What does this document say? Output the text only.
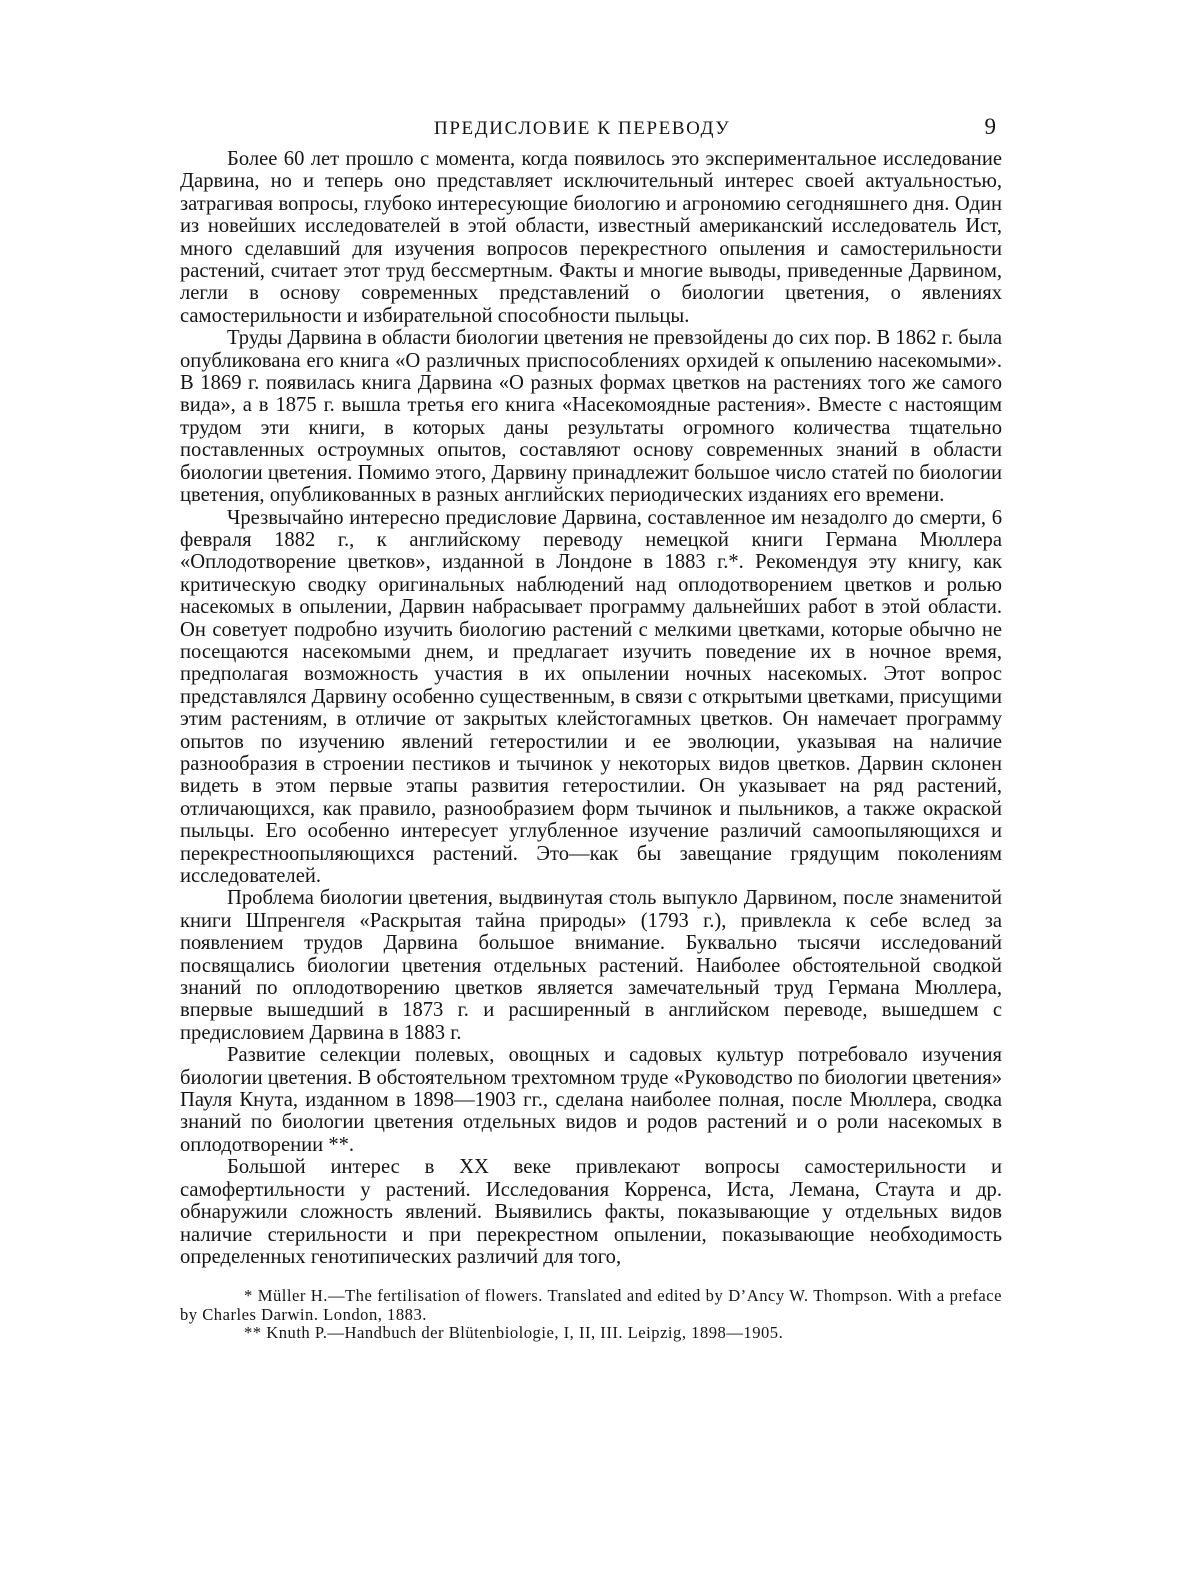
ПРЕДИСЛОВИЕ К ПЕРЕВОДУ	9

Более 60 лет прошло с момента, когда появилось это экспериментальное исследование Дарвина, но и теперь оно представляет исключительный интерес своей актуальностью, затрагивая вопросы, глубоко интересующие биологию и агрономию сегодняшнего дня. Один из новейших исследователей в этой области, известный американский исследователь Ист, много сделавший для изучения вопросов перекрестного опыления и самостерильности растений, считает этот труд бессмертным. Факты и многие выводы, приведенные Дарвином, легли в основу современных представлений о биологии цветения, о явлениях самостерильности и избирательной способности пыльцы.

Труды Дарвина в области биологии цветения не превзойдены до сих пор. В 1862 г. была опубликована его книга «О различных приспособлениях орхидей к опылению насекомыми». В 1869 г. появилась книга Дарвина «О разных формах цветков на растениях того же самого вида», а в 1875 г. вышла третья его книга «Насекомоядные растения». Вместе с настоящим трудом эти книги, в которых даны результаты огромного количества тщательно поставленных остроумных опытов, составляют основу современных знаний в области биологии цветения. Помимо этого, Дарвину принадлежит большое число статей по биологии цветения, опубликованных в разных английских периодических изданиях его времени.

Чрезвычайно интересно предисловие Дарвина, составленное им незадолго до смерти, 6 февраля 1882 г., к английскому переводу немецкой книги Германа Мюллера «Оплодотворение цветков», изданной в Лондоне в 1883 г.*. Рекомендуя эту книгу, как критическую сводку оригинальных наблюдений над оплодотворением цветков и ролью насекомых в опылении, Дарвин набрасывает программу дальнейших работ в этой области. Он советует подробно изучить биологию растений с мелкими цветками, которые обычно не посещаются насекомыми днем, и предлагает изучить поведение их в ночное время, предполагая возможность участия в их опылении ночных насекомых. Этот вопрос представлялся Дарвину особенно существенным, в связи с открытыми цветками, присущими этим растениям, в отличие от закрытых клейстогамных цветков. Он намечает программу опытов по изучению явлений гетеростилии и ее эволюции, указывая на наличие разнообразия в строении пестиков и тычинок у некоторых видов цветков. Дарвин склонен видеть в этом первые этапы развития гетеростилии. Он указывает на ряд растений, отличающихся, как правило, разнообразием форм тычинок и пыльников, а также окраской пыльцы. Его особенно интересует углубленное изучение различий самоопыляющихся и перекрестноопыляющихся растений. Это—как бы завещание грядущим поколениям исследователей.

Проблема биологии цветения, выдвинутая столь выпукло Дарвином, после знаменитой книги Шпренгеля «Раскрытая тайна природы» (1793 г.), привлекла к себе вслед за появлением трудов Дарвина большое внимание. Буквально тысячи исследований посвящались биологии цветения отдельных растений. Наиболее обстоятельной сводкой знаний по оплодотворению цветков является замечательный труд Германа Мюллера, впервые вышедший в 1873 г. и расширенный в английском переводе, вышедшем с предисловием Дарвина в 1883 г.

Развитие селекции полевых, овощных и садовых культур потребовало изучения биологии цветения. В обстоятельном трехтомном труде «Руководство по биологии цветения» Пауля Кнута, изданном в 1898—1903 гг., сделана наиболее полная, после Мюллера, сводка знаний по биологии цветения отдельных видов и родов растений и о роли насекомых в оплодотворении **.

Большой интерес в XX веке привлекают вопросы самостерильности и самофертильности у растений. Исследования Корренса, Иста, Лемана, Стаута и др. обнаружили сложность явлений. Выявились факты, показывающие у отдельных видов наличие стерильности и при перекрестном опылении, показывающие необходимость определенных генотипических различий для того,

* Müller H.—The fertilisation of flowers. Translated and edited by D’Ancy W. Thompson. With a preface by Charles Darwin. London, 1883.

** Knuth P.—Handbuch der Blütenbiologie, I, II, III. Leipzig, 1898—1905.
